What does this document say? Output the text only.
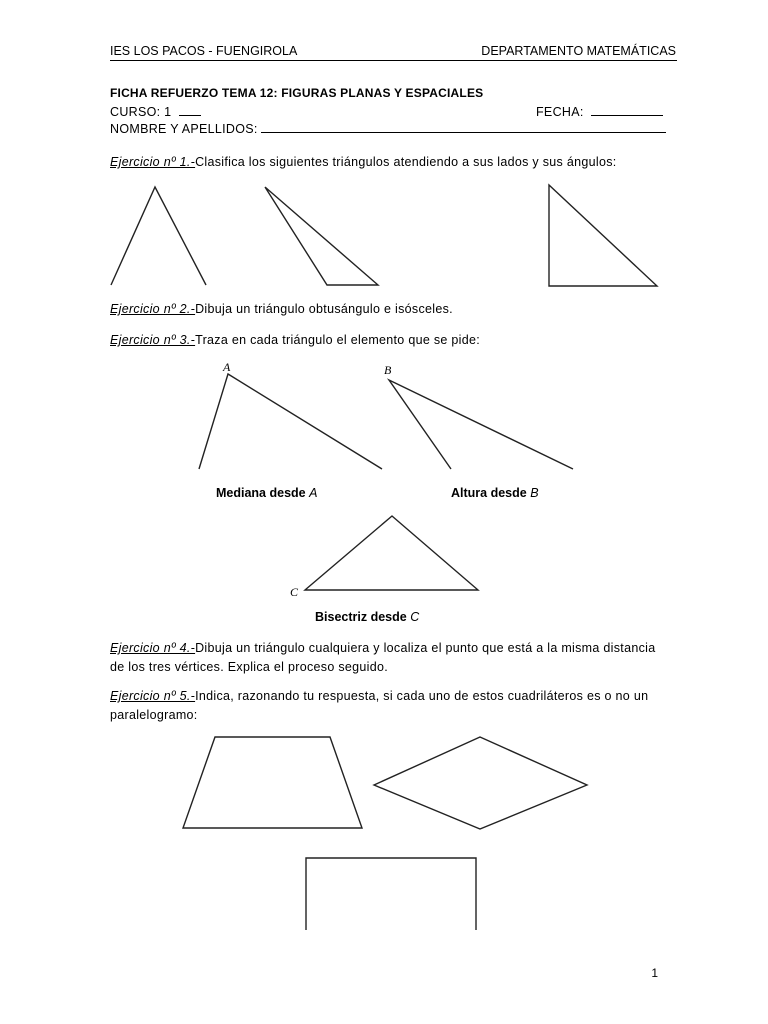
IES LOS PACOS - FUENGIROLA	DEPARTAMENTO MATEMÁTICAS
FICHA REFUERZO TEMA 12: FIGURAS PLANAS Y ESPACIALES
CURSO: 1	FECHA:
NOMBRE Y APELLIDOS:
Ejercicio nº 1.-Clasifica los siguientes triángulos atendiendo a sus lados y sus ángulos:
Ejercicio nº 2.-Dibuja un triángulo obtusángulo e isósceles.
Ejercicio nº 3.-Traza en cada triángulo el elemento que se pide:
A	B
C
Mediana desde A	Altura desde B
Bisectriz desde C
Ejercicio nº 4.-Dibuja un triángulo cualquiera y localiza el punto que está a la misma distancia de los tres vértices. Explica el proceso seguido.
Ejercicio nº 5.-Indica, razonando tu respuesta, si cada uno de estos cuadriláteros es o no un paralelogramo:
1
